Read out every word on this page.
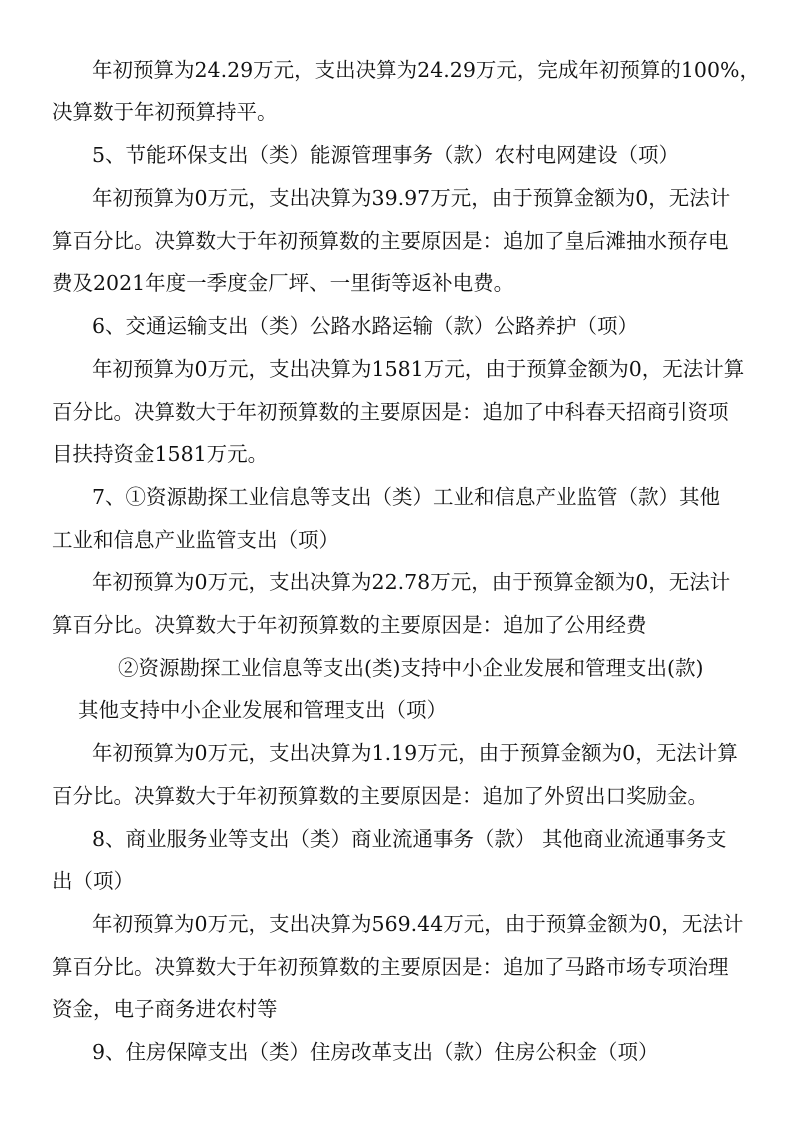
年初预算为24.29万元，支出决算为24.29万元，完成年初预算的100%，
决算数于年初预算持平。
5、节能环保支出（类）能源管理事务（款）农村电网建设（项）
年初预算为0万元，支出决算为39.97万元，由于预算金额为0，无法计
算百分比。决算数大于年初预算数的主要原因是：追加了皇后滩抽水预存电
费及2021年度一季度金厂坪、一里街等返补电费。
6、交通运输支出（类）公路水路运输（款）公路养护（项）
年初预算为0万元，支出决算为1581万元，由于预算金额为0，无法计算
百分比。决算数大于年初预算数的主要原因是：追加了中科春天招商引资项
目扶持资金1581万元。
7、①资源勘探工业信息等支出（类）工业和信息产业监管（款）其他
工业和信息产业监管支出（项）
年初预算为0万元，支出决算为22.78万元，由于预算金额为0，无法计
算百分比。决算数大于年初预算数的主要原因是：追加了公用经费
②资源勘探工业信息等支出(类)支持中小企业发展和管理支出(款)
其他支持中小企业发展和管理支出（项）
年初预算为0万元，支出决算为1.19万元，由于预算金额为0，无法计算
百分比。决算数大于年初预算数的主要原因是：追加了外贸出口奖励金。
8、商业服务业等支出（类）商业流通事务（款） 其他商业流通事务支
出（项）
年初预算为0万元，支出决算为569.44万元，由于预算金额为0，无法计
算百分比。决算数大于年初预算数的主要原因是：追加了马路市场专项治理
资金，电子商务进农村等
9、住房保障支出（类）住房改革支出（款）住房公积金（项）
